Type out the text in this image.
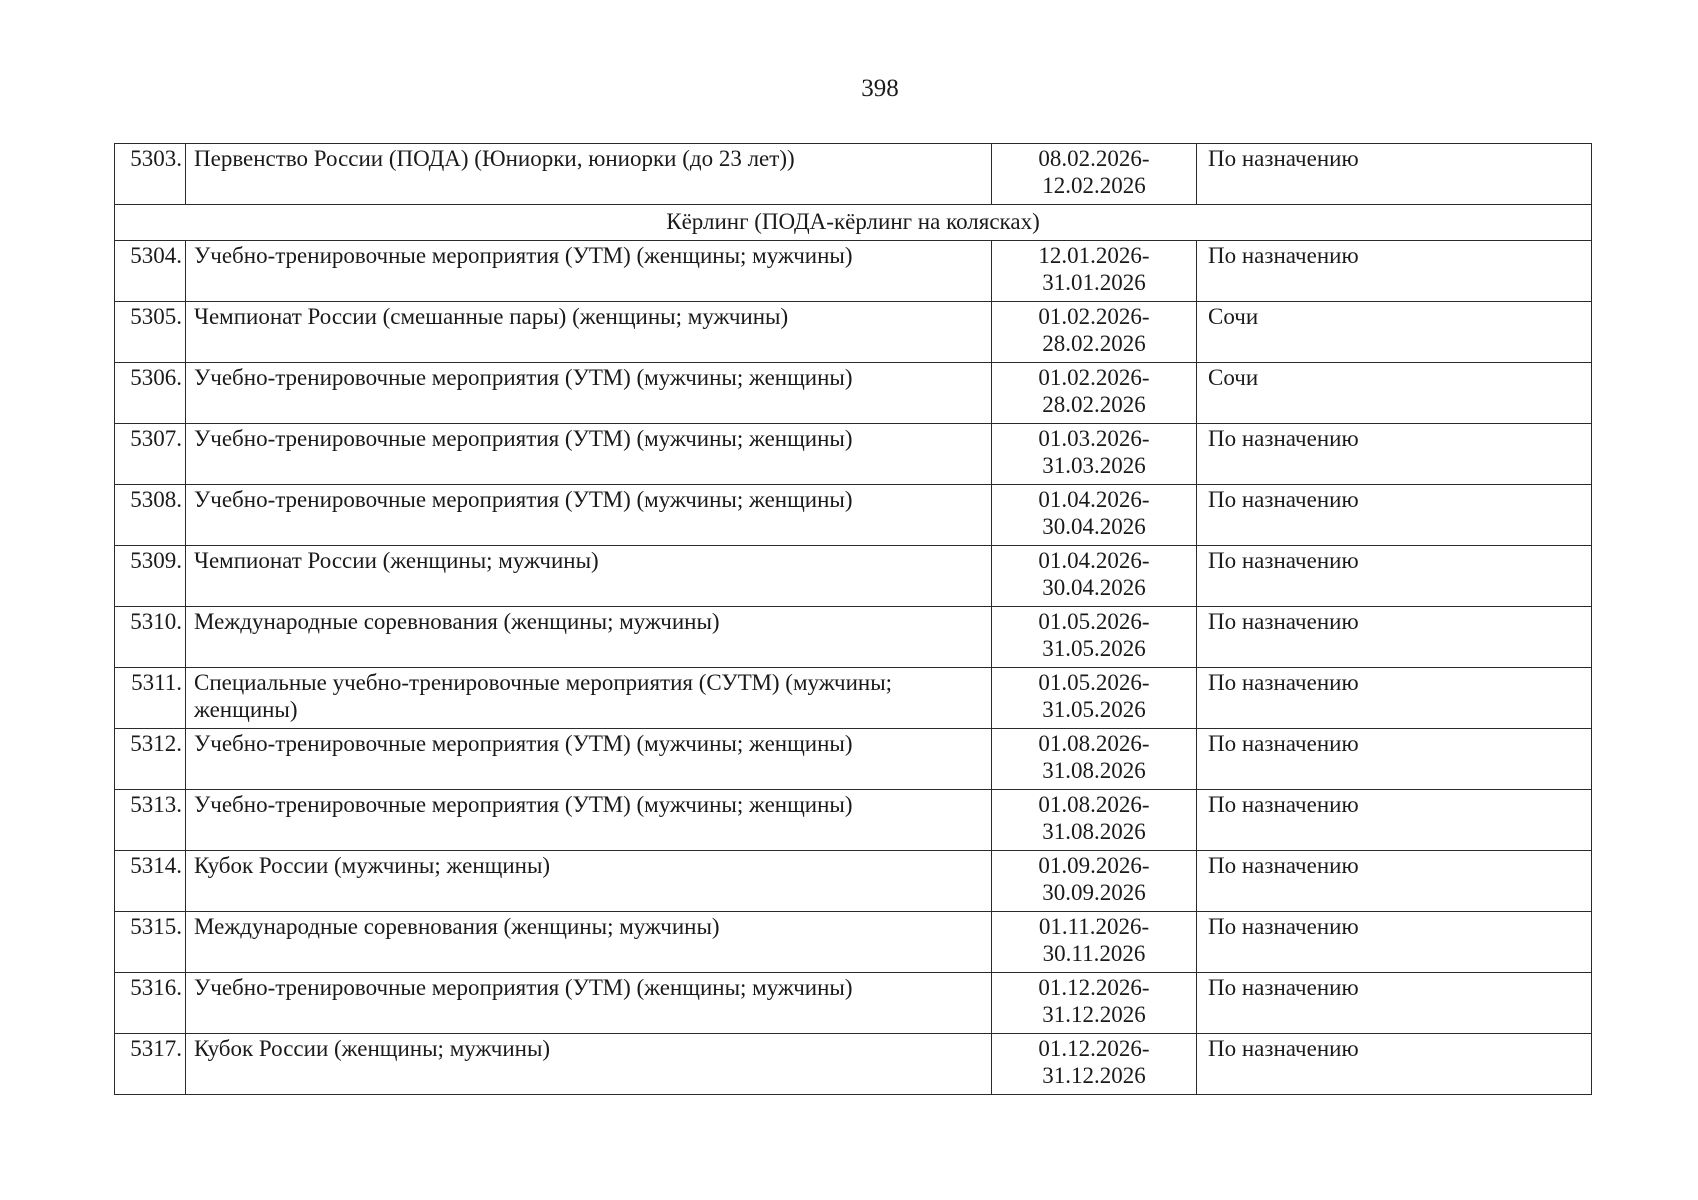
398
5303.	Первенство России (ПОДА) (Юниорки, юниорки (до 23 лет))	08.02.2026-
12.02.2026	По назначению
Кёрлинг (ПОДА-кёрлинг на колясках)			
5304.	Учебно-тренировочные мероприятия (УТМ) (женщины; мужчины)	12.01.2026-
31.01.2026	По назначению
5305.	Чемпионат России (смешанные пары) (женщины; мужчины)	01.02.2026-
28.02.2026	Сочи
5306.	Учебно-тренировочные мероприятия (УТМ) (мужчины; женщины)	01.02.2026-
28.02.2026	Сочи
5307.	Учебно-тренировочные мероприятия (УТМ) (мужчины; женщины)	01.03.2026-
31.03.2026	По назначению
5308.	Учебно-тренировочные мероприятия (УТМ) (мужчины; женщины)	01.04.2026-
30.04.2026	По назначению
5309.	Чемпионат России (женщины; мужчины)	01.04.2026-
30.04.2026	По назначению
5310.	Международные соревнования (женщины; мужчины)	01.05.2026-
31.05.2026	По назначению
5311.	Специальные учебно-тренировочные мероприятия (СУТМ) (мужчины; женщины)	01.05.2026-
31.05.2026	По назначению
5312.	Учебно-тренировочные мероприятия (УТМ) (мужчины; женщины)	01.08.2026-
31.08.2026	По назначению
5313.	Учебно-тренировочные мероприятия (УТМ) (мужчины; женщины)	01.08.2026-
31.08.2026	По назначению
5314.	Кубок России (мужчины; женщины)	01.09.2026-
30.09.2026	По назначению
5315.	Международные соревнования (женщины; мужчины)	01.11.2026-
30.11.2026	По назначению
5316.	Учебно-тренировочные мероприятия (УТМ) (женщины; мужчины)	01.12.2026-
31.12.2026	По назначению
5317.	Кубок России (женщины; мужчины)	01.12.2026-
31.12.2026	По назначению
